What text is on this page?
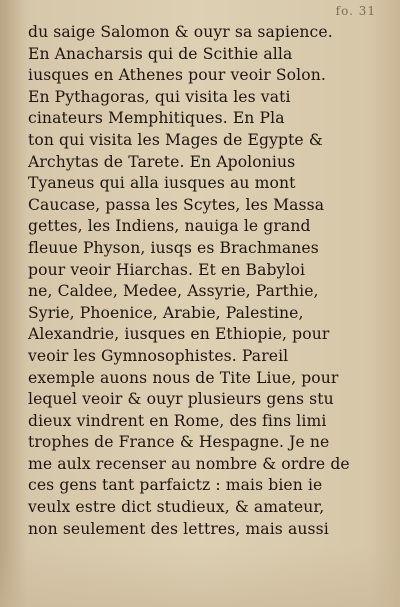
fo. 31
du saige Salomon & ouyr sa sapience.
En Anacharsis qui de Scithie alla
iusques en Athenes pour veoir Solon.
En Pythagoras, qui visita les vati
cinateurs Memphitiques. En Pla
ton qui visita les Mages de Egypte &
Archytas de Tarete. En Apolonius
Tyaneus qui alla iusques au mont
Caucase, passa les Scytes, les Massa
gettes, les Indiens, nauiga le grand
fleuue Physon, iusqs es Brachmanes
pour veoir Hiarchas. Et en Babyloi
ne, Caldee, Medee, Assyrie, Parthie,
Syrie, Phoenice, Arabie, Palestine,
Alexandrie, iusques en Ethiopie, pour
veoir les Gymnosophistes. Pareil
exemple auons nous de Tite Liue, pour
lequel veoir & ouyr plusieurs gens stu
dieux vindrent en Rome, des fins limi
trophes de France & Hespagne. Je ne
me aulx recenser au nombre & ordre de
ces gens tant parfaictz : mais bien ie
veulx estre dict studieux, & amateur,
non seulement des lettres, mais aussi
